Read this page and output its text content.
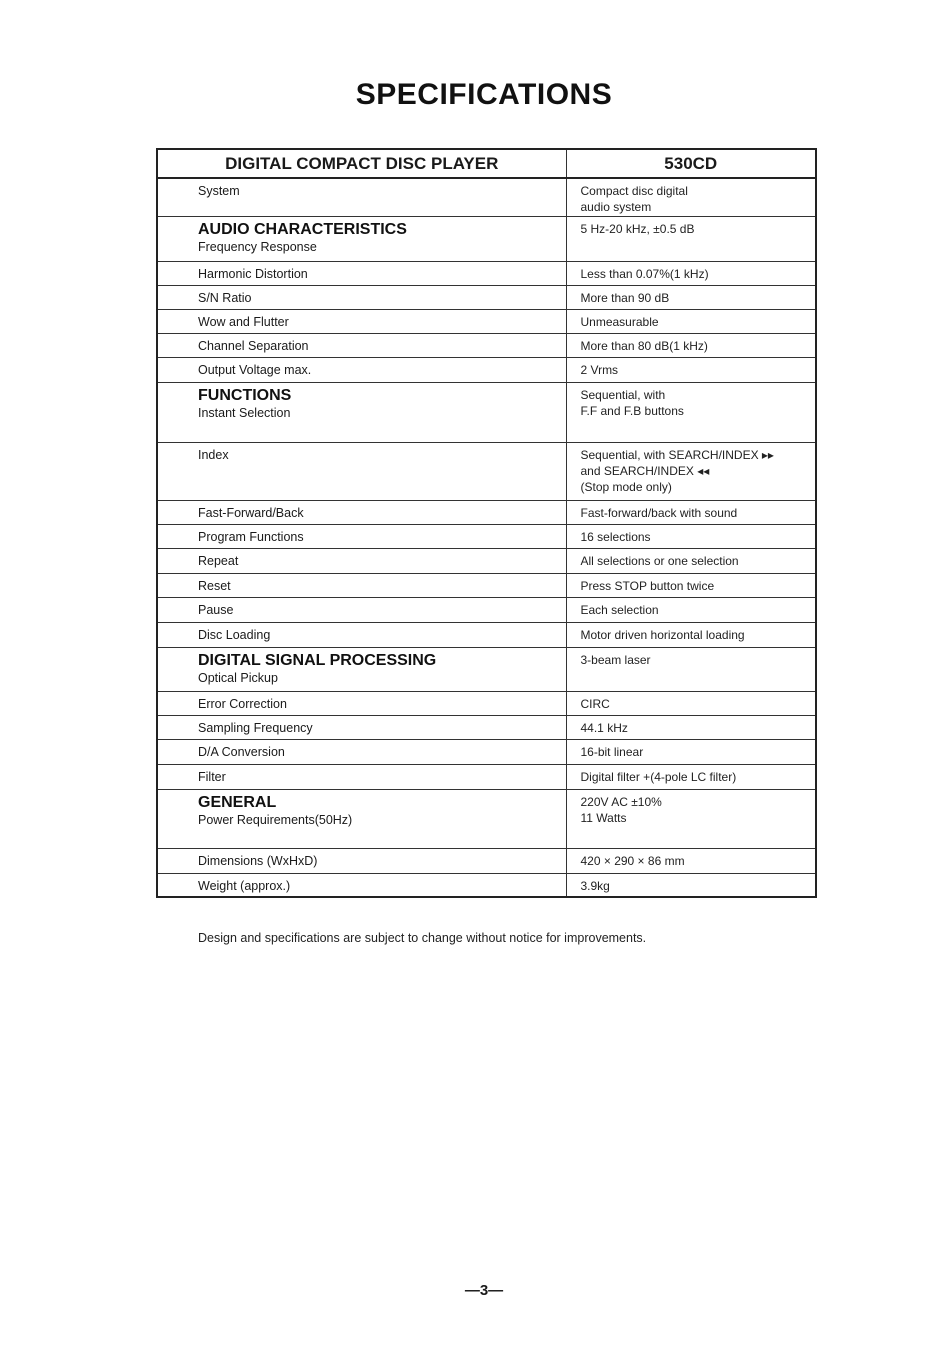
SPECIFICATIONS
DIGITAL COMPACT DISC PLAYER	530CD

System	Compact disc digital
audio system

AUDIO CHARACTERISTICS
Frequency Response	5 Hz-20 kHz, ±0.5 dB

Harmonic Distortion	Less than 0.07%(1 kHz)

S/N Ratio	More than 90 dB

Wow and Flutter	Unmeasurable

Channel Separation	More than 80 dB(1 kHz)

Output Voltage max.	2 Vrms

FUNCTIONS
Instant Selection	Sequential, with
F.F and F.B buttons

Index	Sequential, with SEARCH/INDEX ▸▸
and SEARCH/INDEX ◂◂
(Stop mode only)

Fast-Forward/Back	Fast-forward/back with sound

Program Functions	16 selections

Repeat	All selections or one selection

Reset	Press STOP button twice

Pause	Each selection

Disc Loading	Motor driven horizontal loading

DIGITAL SIGNAL PROCESSING
Optical Pickup	3-beam laser

Error Correction	CIRC

Sampling Frequency	44.1 kHz

D/A Conversion	16-bit linear

Filter	Digital filter +(4-pole LC filter)

GENERAL
Power Requirements(50Hz)	220V AC ±10%
11 Watts

Dimensions (WxHxD)	420 × 290 × 86 mm

Weight (approx.)	3.9kg
Design and specifications are subject to change without notice for improvements.
—3—
